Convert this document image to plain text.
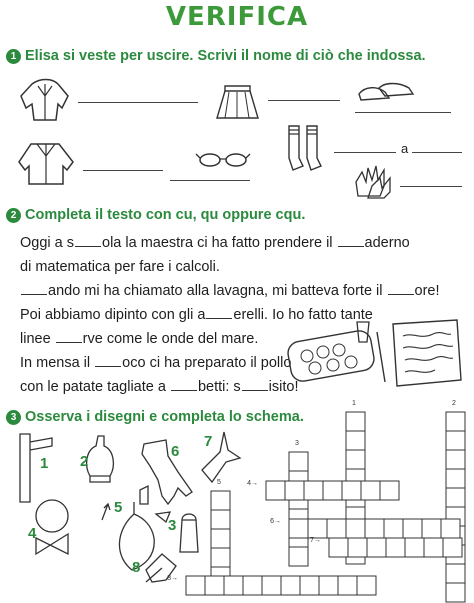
VERIFICA
1 Elisa si veste per uscire. Scrivi il nome di ciò che indossa.
a
2 Completa il testo con cu, qu oppure cqu.
Oggi a s ola la maestra ci ha fatto prendere il aderno
di matematica per fare i calcoli.
ando mi ha chiamato alla lavagna, mi batteva forte il ore!
Poi abbiamo dipinto con gli a erelli. Io ho fatto tante
linee rve come le onde del mare.
In mensa il oco ci ha preparato il pollo
con le patate tagliate a betti: s isito!
3 Osserva i disegni e completa lo schema.
1 2
6
7
4
5
3
8
1	2
3
4→
5
6→
7→
8→
